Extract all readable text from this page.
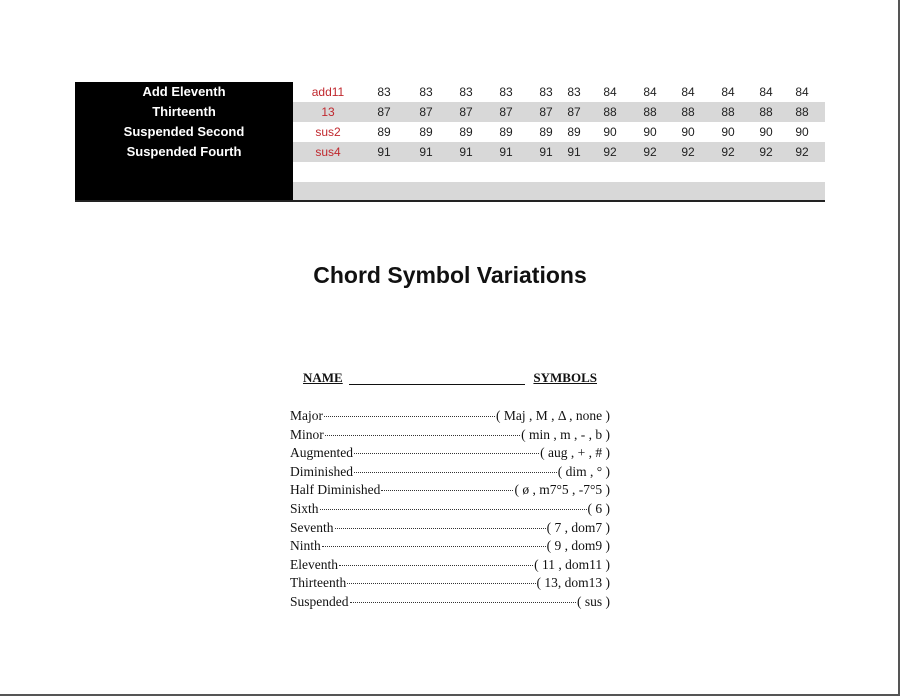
Add Eleventh	add11	83	83	83	83	83	83	84	84	84	84	84	84
Thirteenth	13	87	87	87	87	87	87	88	88	88	88	88	88
Suspended Second	sus2	89	89	89	89	89	89	90	90	90	90	90	90
Suspended Fourth	sus4	91	91	91	91	91	91	92	92	92	92	92	92
Chord Symbol Variations
NAME	SYMBOLS
Major	( Maj , M , Δ , none )
Minor	( min , m , - , b )
Augmented	( aug , + , # )
Diminished	( dim , ° )
Half Diminished	( ø , m7°5 , -7°5 )
Sixth	( 6 )
Seventh	( 7 , dom7 )
Ninth	( 9 , dom9 )
Eleventh	( 11 , dom11 )
Thirteenth	( 13, dom13 )
Suspended	( sus )
